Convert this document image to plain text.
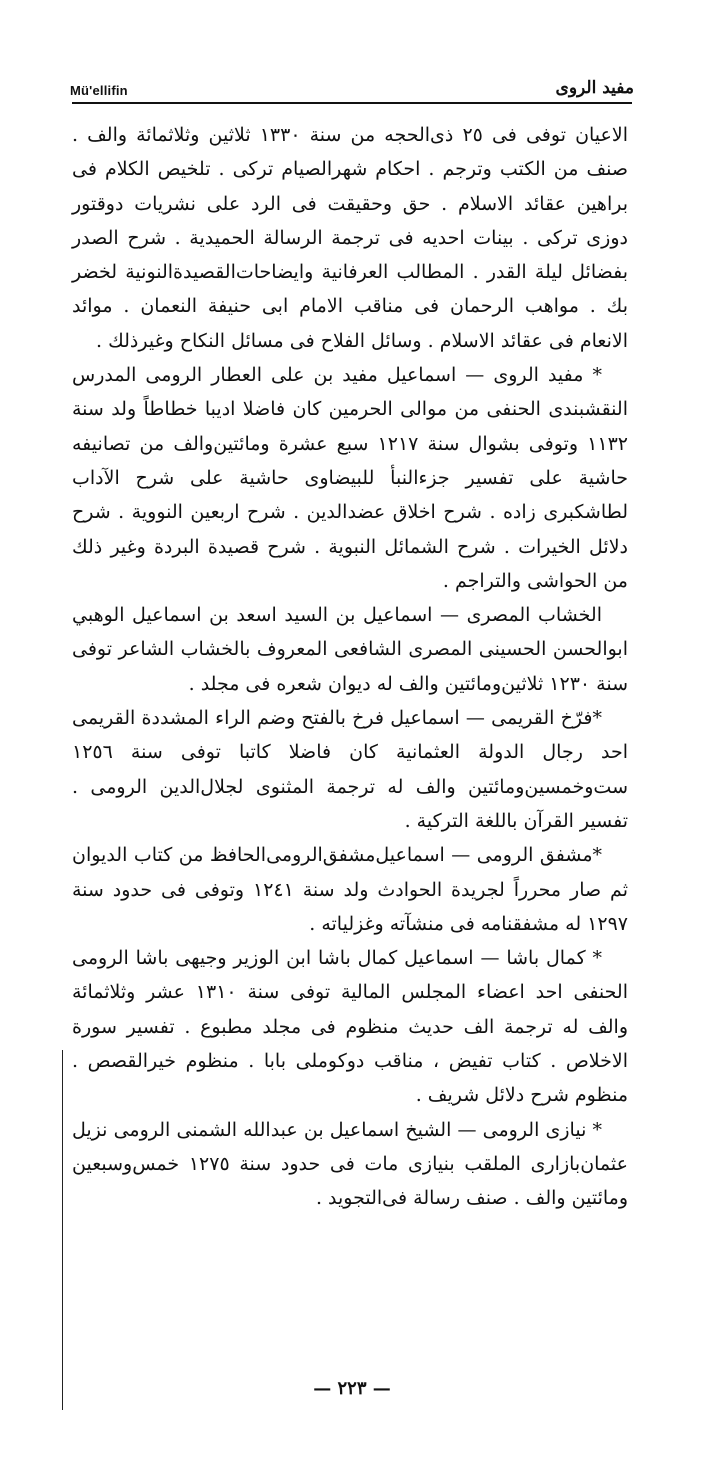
Mü'ellifin	مفيد الروى

الاعيان توفى فى ٢٥ ذى‌الحجه من سنة ١٣٣٠ ثلاثين وثلاثمائة والف . صنف من الكتب وترجم . احكام شهرالصيام تركى . تلخيص الكلام فى براهين عقائد الاسلام . حق وحقيقت فى الرد على نشريات دوقتور دوزى تركى . بينات احديه فى ترجمة الرسالة الحميدية . شرح الصدر بفضائل ليلة القدر . المطالب العرفانية وايضاحات‌القصيدة‌النونية لخضر بك . مواهب الرحمان فى مناقب الامام ابى حنيفة النعمان . موائد الانعام فى عقائد الاسلام . وسائل الفلاح فى مسائل النكاح وغيرذلك .

* مفيد الروى — اسماعيل مفيد بن على العطار الرومى المدرس النقشبندى الحنفى من موالى الحرمين كان فاضلا اديبا خطاطاً ولد سنة ١١٣٢ وتوفى بشوال سنة ١٢١٧ سبع عشرة ومائتين‌والف من تصانيفه حاشية على تفسير جزءالنبأ للبيضاوى حاشية على شرح الآداب لطاشكبرى زاده . شرح اخلاق عضدالدين . شرح اربعين النووية . شرح دلائل الخيرات . شرح الشمائل النبوية . شرح قصيدة البردة وغير ذلك من الحواشى والتراجم .

الخشاب المصرى — اسماعيل بن السيد اسعد بن اسماعيل الوهبي ابوالحسن الحسينى المصرى الشافعى المعروف بالخشاب الشاعر توفى سنة ١٢٣٠ ثلاثين‌ومائتين والف له ديوان شعره فى مجلد .

*فرّخ القريمى — اسماعيل فرخ بالفتح وضم الراء المشددة القريمى احد رجال الدولة العثمانية كان فاضلا كاتبا توفى سنة ١٢٥٦ ست‌وخمسين‌ومائتين والف له ترجمة المثنوى لجلال‌الدين الرومى . تفسير القرآن باللغة التركية .

*مشفق الرومى — اسماعيل‌مشفق‌الرومى‌الحافظ من كتاب الديوان ثم صار محرراً لجريدة الحوادث ولد سنة ١٢٤١ وتوفى فى حدود سنة ١٢٩٧ له مشفقنامه فى منشآته وغزلياته .

* كمال باشا — اسماعيل كمال باشا ابن الوزير وجيهى باشا الرومى الحنفى احد اعضاء المجلس المالية توفى سنة ١٣١٠ عشر وثلاثمائة والف له ترجمة الف حديث منظوم فى مجلد مطبوع . تفسير سورة الاخلاص . كتاب تفيض ، مناقب دوكوملى بابا . منظوم خيرالقصص . منظوم شرح دلائل شريف .

* نيازى الرومى — الشيخ اسماعيل بن عبدالله الشمنى الرومى نزيل عثمان‌بازارى الملقب بنيازى مات فى حدود سنة ١٢٧٥ خمس‌وسبعين ومائتين والف . صنف رسالة فى‌التجويد .

— ٢٢٣ —
